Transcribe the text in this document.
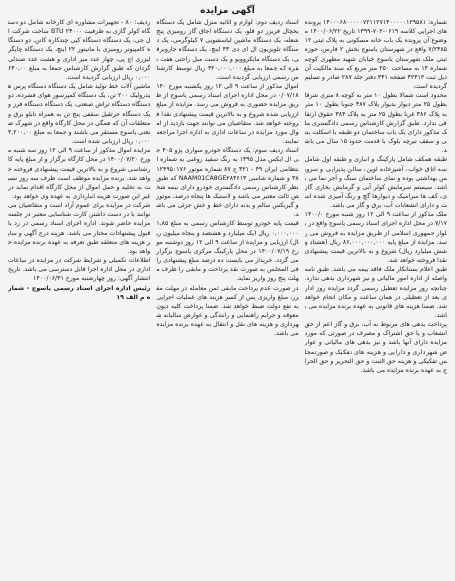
آگهی مزایده

شماره: ۱۴۰۰۰۶۸۰۰۰۰۰۷۲۱۱۲۷۱۴۰۰۰۰۰۱۲۹۵۸۱ پرونده های اجرایی کلاسه ۰۶۱۹-۷۰۲-۱۳۹۹ تاریخ ۱۴۰۰/۰۶/۲۲ موضوع آن پرونده یک باب خانه مسکونی به پلاک ثبتی ۱۲۷/۲۳۸۵ واقع در شهرستان یاسوج بخش ۲ فارس، حوزه ثبتی ملک شهرستان یاسوج خیابان شهید مطهری کوچه شماره ۱۴ به مساحت ۲۵۰ متر مربع که سند مالکیت آن ذیل ثبت ۴۲۴۱۴ صفحه ۳۴۱ دفتر جلد ۲۸۷ صادر و تسلیم گردیده است.

محدود است شمالا بطول ۱۰ متر به کوچه ۸ متری شرقا بطول ۲۵ متر دیوار بدیوار پلاک ۳۸۷ جنوبا بطول ۱۰ متر به پلاک ۳۸۶ غربا بطول ۲۵ متر به پلاک ۳۸۴ حقوق ارتفاقی ندارد. طبق گزارش کارشناس رسمی دادگستری ملک مذکور دارای یک باب ساختمان دو طبقه با اسکلت بتنی و سقف تیرچه بلوک با قدمت حدود ۱۵ سال می باشد.

طبقه همکف شامل پارکینگ و انباری و طبقه اول شامل سه اتاق خواب، آشپزخانه اوپن، سالن پذیرایی و سرویس بهداشتی بوده و نمای ساختمان سنگ و آجر نما می باشد. سیستم سرمایش کولر آبی و گرمایش بخاری گازی، کف ها سرامیک و دیوارها گچ و رنگ آمیزی شده است و دارای انشعابات آب، برق و گاز می باشد.

ملک مذکور از ساعت ۹ الی ۱۲ روز شنبه مورخ ۱۴۰۰/۰۷/۱۷ در محل اداره اجرای اسناد رسمی یاسوج واقع در بلوار جمهوری اسلامی از طریق مزایده به فروش می رسد. مزایده از مبلغ پایه ۸۶,۰۰۰,۰۰۰,۰۰۰ ریال (هشتاد و شش میلیارد ریال) شروع و به بالاترین قیمت پیشنهادی نقدا فروخته خواهد شد.

طبق اعلام بستانکار ملک فاقد بیمه می باشد. طبق نامه واصله از اداره امور مالیاتی و نیز شهرداری بدهی ندارد. چنانچه روز مزایده تعطیل رسمی گردد مزایده روز اداری بعد از تعطیلی در همان ساعت و مکان انجام خواهد شد. ضمنا هزینه های قانونی به عهده برنده مزایده می باشد.

پرداخت بدهی های مربوط به آب، برق و گاز اعم از حق انشعاب و یا حق اشتراک و مصرف در صورتی که مورد مزایده دارای آنها باشد و نیز بدهی های مالیاتی و عوارض شهرداری و دارایی و هزینه های تفکیک و صورتمجلس تفکیکی و هزینه حق الثبت و حق التحریر و حق الحراج به عهده برنده مزایده می باشد.

اسناد ردیف دوم: لوازم و اثاثیه منزل شامل یک دستگاه یخچال فریزر دو قلو، یک دستگاه اجاق گاز رومیزی پنج شعله، یک دستگاه ماشین لباسشویی ۷ کیلوگرمی، یک دستگاه تلویزیون ال ای دی ۴۳ اینچ، یک دستگاه جاروبرقی، یک دستگاه مایکروویو و یک دست مبل راحتی هفت نفره که جمعا به مبلغ ۳۲۰,۰۰۰,۰۰۰ ریال توسط کارشناس رسمی ارزیابی گردیده است.

اموال مذکور از ساعت ۹ الی ۱۲ روز یکشنبه مورخ ۱۴۰۰/۰۷/۱۸ در محل اداره اجرای اسناد رسمی یاسوج از طریق مزایده حضوری به فروش می رسد. مزایده از مبلغ ارزیابی شده شروع و به بالاترین قیمت پیشنهادی نقدا فروخته خواهد شد. متقاضیان می توانند جهت بازدید از اموال مورد مزایده در ساعات اداری به اداره اجرا مراجعه نمایند.

اسناد ردیف سوم: یک دستگاه خودرو سواری پژو ۴۰۵ جی ال ایکس مدل ۱۳۹۵ به رنگ سفید روغنی به شماره انتظامی ایران ۴۹ - ۳۲۱ ج ۸۷ شماره موتور ۱۲۴۹۵۰۱۷۶۳۸ و شماره شاسی NAAM01CA8GE۲۸۴۶۱۳ که طبق نظر کارشناس رسمی دادگستری خودرو دارای بیمه شخص ثالث معتبر می باشد و لاستیک ها پنجاه درصد، موتور و گیربکس سالم و بدنه دارای خط و خش جزئی می باشد.

قیمت پایه خودرو توسط کارشناس رسمی به مبلغ ۱,۸۵۰,۰۰۰,۰۰۰ ریال (یک میلیارد و هشتصد و پنجاه میلیون ریال) ارزیابی و مزایده از ساعت ۹ الی ۱۲ روز دوشنبه مورخ ۱۴۰۰/۰۷/۱۹ در محل پارکینگ مرکزی یاسوج برگزار می گردد. خریدار می بایست ده درصد مبلغ پیشنهادی را فی المجلس به صورت نقد پرداخت و مابقی را ظرف مهلت پنج روز واریز نماید.

در صورت عدم پرداخت مابقی ثمن معامله در مهلت مقرر، مبلغ واریزی پس از کسر هزینه های عملیات اجرایی به نفع دولت ضبط خواهد شد. ضمنا پرداخت کلیه دیون معوقه و جرایم راهنمایی و رانندگی و عوارض سالیانه شهرداری و هزینه های نقل و انتقال به عهده برنده مزایده می باشد.

رديف: ۸۰ - تجهیزات مشاوره ای کارخانه شامل دو دستگاه کولر گازی به ظرفیت ۲۴۰۰۰ BTU ساخت شرکت ال جی، یک دستگاه دستگاه کپی چندکاره کانن، دو دستگاه کامپیوتر رومیزی با مانیتور ۲۲ اینچ، یک دستگاه چاپگر لیزری اچ پی، چهار عدد میز اداری و هشت عدد صندلی گردان که طبق گزارش کارشناس جمعا به مبلغ ۶۴۰,۰۰۰,۰۰۰ ریال ارزیابی گردیده است.

ماشین آلات خط تولید شامل یک دستگاه دستگاه پرس هیدرولیک ۲۰۰ تن، یک دستگاه کمپرسور هوای فشرده، دو دستگاه دستگاه تراش صنعتی، یک دستگاه دستگاه فرز و یک دستگاه جرثقیل سقفی پنج تن به همراه تابلو برق و متعلقات آن که همگی در محل کارگاه واقع در شهرک صنعتی یاسوج مستقر می باشند و جمعا به مبلغ ۴,۲۰۰,۰۰۰,۰۰۰ ریال ارزیابی شده است.

مزایده اموال مذکور از ساعت ۹ الی ۱۲ روز سه شنبه مورخ ۱۴۰۰/۰۷/۲۰ در محل کارگاه برگزار و از مبلغ پایه کارشناسی شروع و به بالاترین قیمت پیشنهادی فروخته خواهد شد. برنده مزایده موظف است ظرف سه روز نسبت به تخلیه و حمل اموال از محل کارگاه اقدام نماید در غیر این صورت هزینه انبارداری به عهده وی خواهد بود.

شرکت در مزایده برای عموم آزاد است و متقاضیان می توانند با در دست داشتن کارت شناسایی معتبر در جلسه مزایده حاضر شوند. اداره اجرای اسناد رسمی در رد یا قبول پیشنهادات مختار می باشد. هزینه درج آگهی و سایر هزینه های متعلقه طبق تعرفه به عهده برنده مزایده خواهد بود.

اطلاعات تکمیلی و شرایط شرکت در مزایده در ساعات اداری در محل اداره اجرا قابل دسترسی می باشد. تاریخ انتشار آگهی: روز چهارشنبه مورخ ۱۴۰۰/۰۶/۳۱

رئیس اداره اجرای اسناد رسمی یاسوج - شماره م الف ۱۹
